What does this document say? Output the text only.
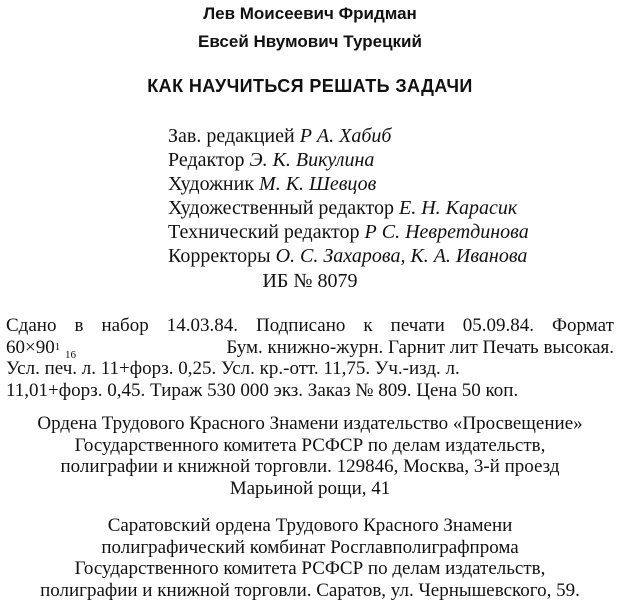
Лев Моисеевич Фридман
Евсей Нвумович Турецкий
КАК НАУЧИТЬСЯ РЕШАТЬ ЗАДАЧИ
Зав. редакцией Р А. Хабиб
Редактор Э. К. Викулина
Художник М. К. Шевцов
Художественный редактор Е. Н. Карасик
Технический редактор Р С. Невретдинова
Корректоры О. С. Захарова, К. А. Иванова
ИБ № 8079
Сдано в набор 14.03.84. Подписано к печати 05.09.84. Формат
$60\times 90^1$ $_{16}$	Бум. книжно-журн. Гарнит лит Печать высокая.
Усл. печ. л. 11+форз. 0,25. Усл. кр.-отт. 11,75. Уч.-изд. л.
11,01+форз. 0,45. Тираж 530 000 экз. Заказ № 809. Цена 50 коп.
Ордена Трудового Красного Знамени издательство «Просвещение»
Государственного комитета РСФСР по делам издательств,
полиграфии и книжной торговли. 129846, Москва, 3-й проезд
Марьиной рощи, 41
Саратовский ордена Трудового Красного Знамени
полиграфический комбинат Росглавполиграфпрома
Государственного комитета РСФСР по делам издательств,
полиграфии и книжной торговли. Саратов, ул. Чернышевского, 59.
